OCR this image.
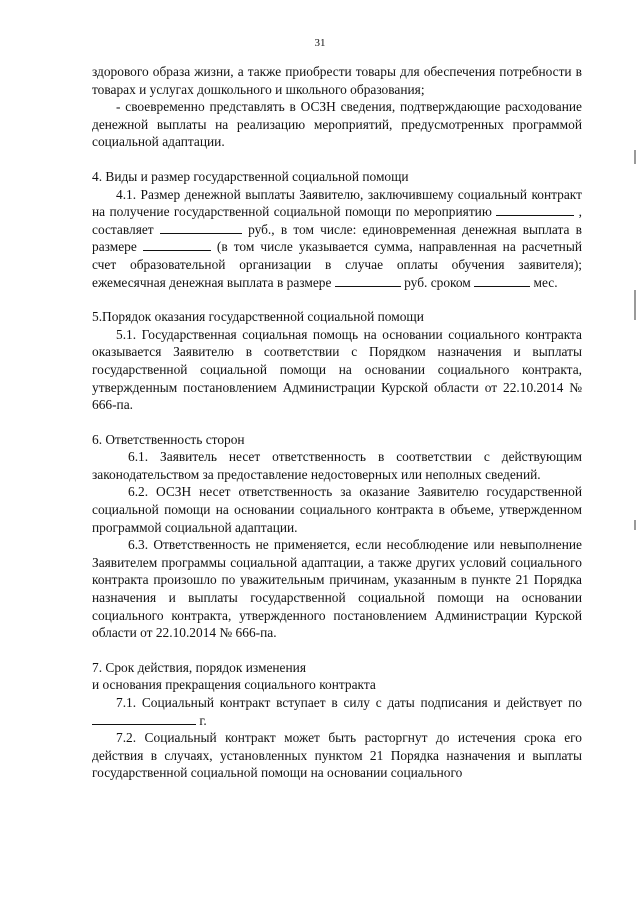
31

здорового образа жизни, а также приобрести товары для обеспечения потребности в товарах и услугах дошкольного и школьного образования;

- своевременно представлять в ОСЗН сведения, подтверждающие расходование денежной выплаты на реализацию мероприятий, предусмотренных программой социальной адаптации.

4. Виды и размер государственной социальной помощи

4.1. Размер денежной выплаты Заявителю, заключившему социальный контракт на получение государственной социальной помощи по мероприятию	, составляет	руб., в том числе: единовременная денежная выплата в размере	(в том числе указывается сумма, направленная на расчетный счет образовательной организации в случае оплаты обучения заявителя); ежемесячная денежная выплата в размере	руб. сроком	мес.

5.Порядок оказания государственной социальной помощи

5.1. Государственная социальная помощь на основании социального контракта оказывается Заявителю в соответствии с Порядком назначения и выплаты государственной социальной помощи на основании социального контракта, утвержденным постановлением Администрации Курской области от 22.10.2014 № 666-па.

6. Ответственность сторон

6.1. Заявитель несет ответственность в соответствии с действующим законодательством за предоставление недостоверных или неполных сведений.

6.2. ОСЗН несет ответственность за оказание Заявителю государственной социальной помощи на основании социального контракта в объеме, утвержденном программой социальной адаптации.

6.3. Ответственность не применяется, если несоблюдение или невыполнение Заявителем программы социальной адаптации, а также других условий социального контракта произошло по уважительным причинам, указанным в пункте 21 Порядка назначения и выплаты государственной социальной помощи на основании социального контракта, утвержденного постановлением Администрации Курской области от 22.10.2014 № 666-па.

7. Срок действия, порядок изменения

и основания прекращения социального контракта

7.1. Социальный контракт вступает в силу с даты подписания и действует по  г.

7.2. Социальный контракт может быть расторгнут до истечения срока его действия в случаях, установленных пунктом 21 Порядка назначения и выплаты государственной социальной помощи на основании социального
